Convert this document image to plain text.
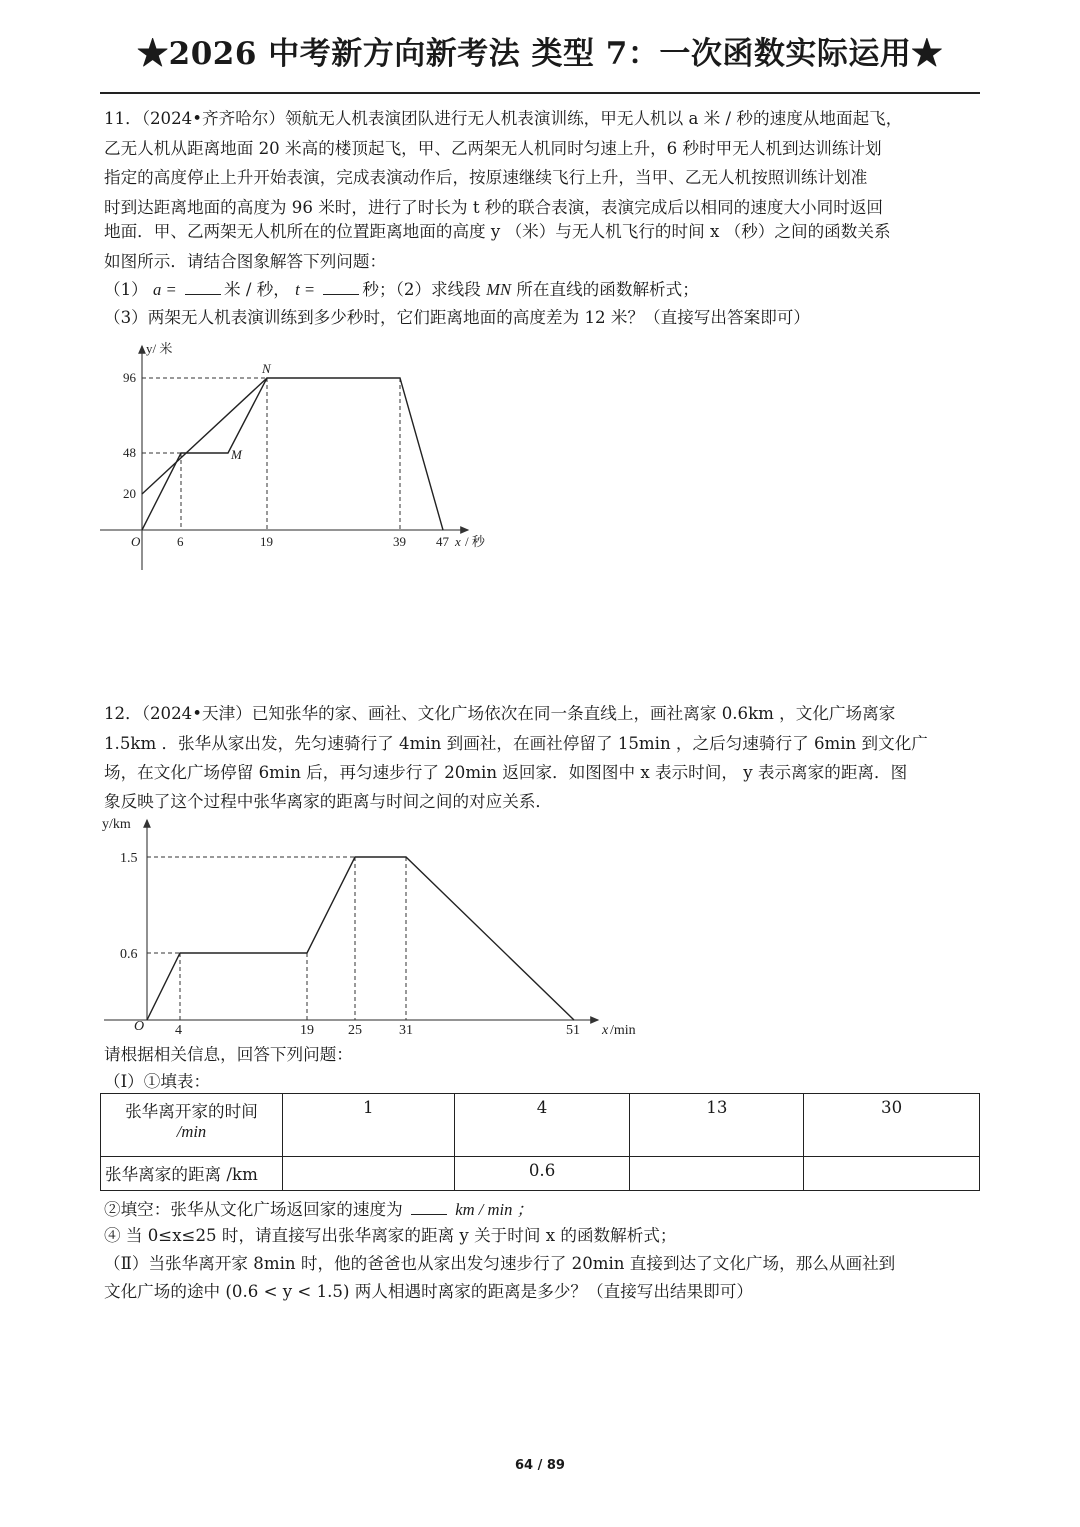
★2026 中考新方向新考法 类型 7：一次函数实际运用★
11．（2024•齐齐哈尔）领航无人机表演团队进行无人机表演训练，甲无人机以 a 米 / 秒的速度从地面起飞，
乙无人机从距离地面 20 米高的楼顶起飞，甲、乙两架无人机同时匀速上升，6 秒时甲无人机到达训练计划
指定的高度停止上升开始表演，完成表演动作后，按原速继续飞行上升，当甲、乙无人机按照训练计划准
时到达距离地面的高度为 96 米时，进行了时长为 t 秒的联合表演，表演完成后以相同的速度大小同时返回
地面．甲、乙两架无人机所在的位置距离地面的高度 y （米）与无人机飞行的时间 x （秒）之间的函数关系
如图所示．请结合图象解答下列问题：
（1） a =	米 / 秒， t =	秒；（2）求线段 MN 所在直线的函数解析式；
（3）两架无人机表演训练到多少秒时，它们距离地面的高度差为 12 米？（直接写出答案即可）
y/ 米
96
48
20
O	6	19	39 47 x / 秒
N
M
12．（2024•天津）已知张华的家、画社、文化广场依次在同一条直线上，画社离家 0.6km ，文化广场离家
1.5km ．张华从家出发，先匀速骑行了 4min 到画社，在画社停留了 15min ，之后匀速骑行了 6min 到文化广
场，在文化广场停留 6min 后，再匀速步行了 20min 返回家．如图图中 x 表示时间， y 表示离家的距离．图
象反映了这个过程中张华离家的距离与时间之间的对应关系．
y/km
1.5
0.6
O 4	19 25	31	51 x /min
请根据相关信息，回答下列问题：
（Ⅰ）①填表：
张华离开家的时间
/min	1	4	13	30
张华离家的距离 /km		0.6		
②填空：张华从文化广场返回家的速度为	km / min ；
④ 当 0≤x≤25 时，请直接写出张华离家的距离 y 关于时间 x 的函数解析式；
（Ⅱ）当张华离开家 8min 时，他的爸爸也从家出发匀速步行了 20min 直接到达了文化广场，那么从画社到
文化广场的途中 (0.6 < y < 1.5) 两人相遇时离家的距离是多少？（直接写出结果即可）
64 / 89
